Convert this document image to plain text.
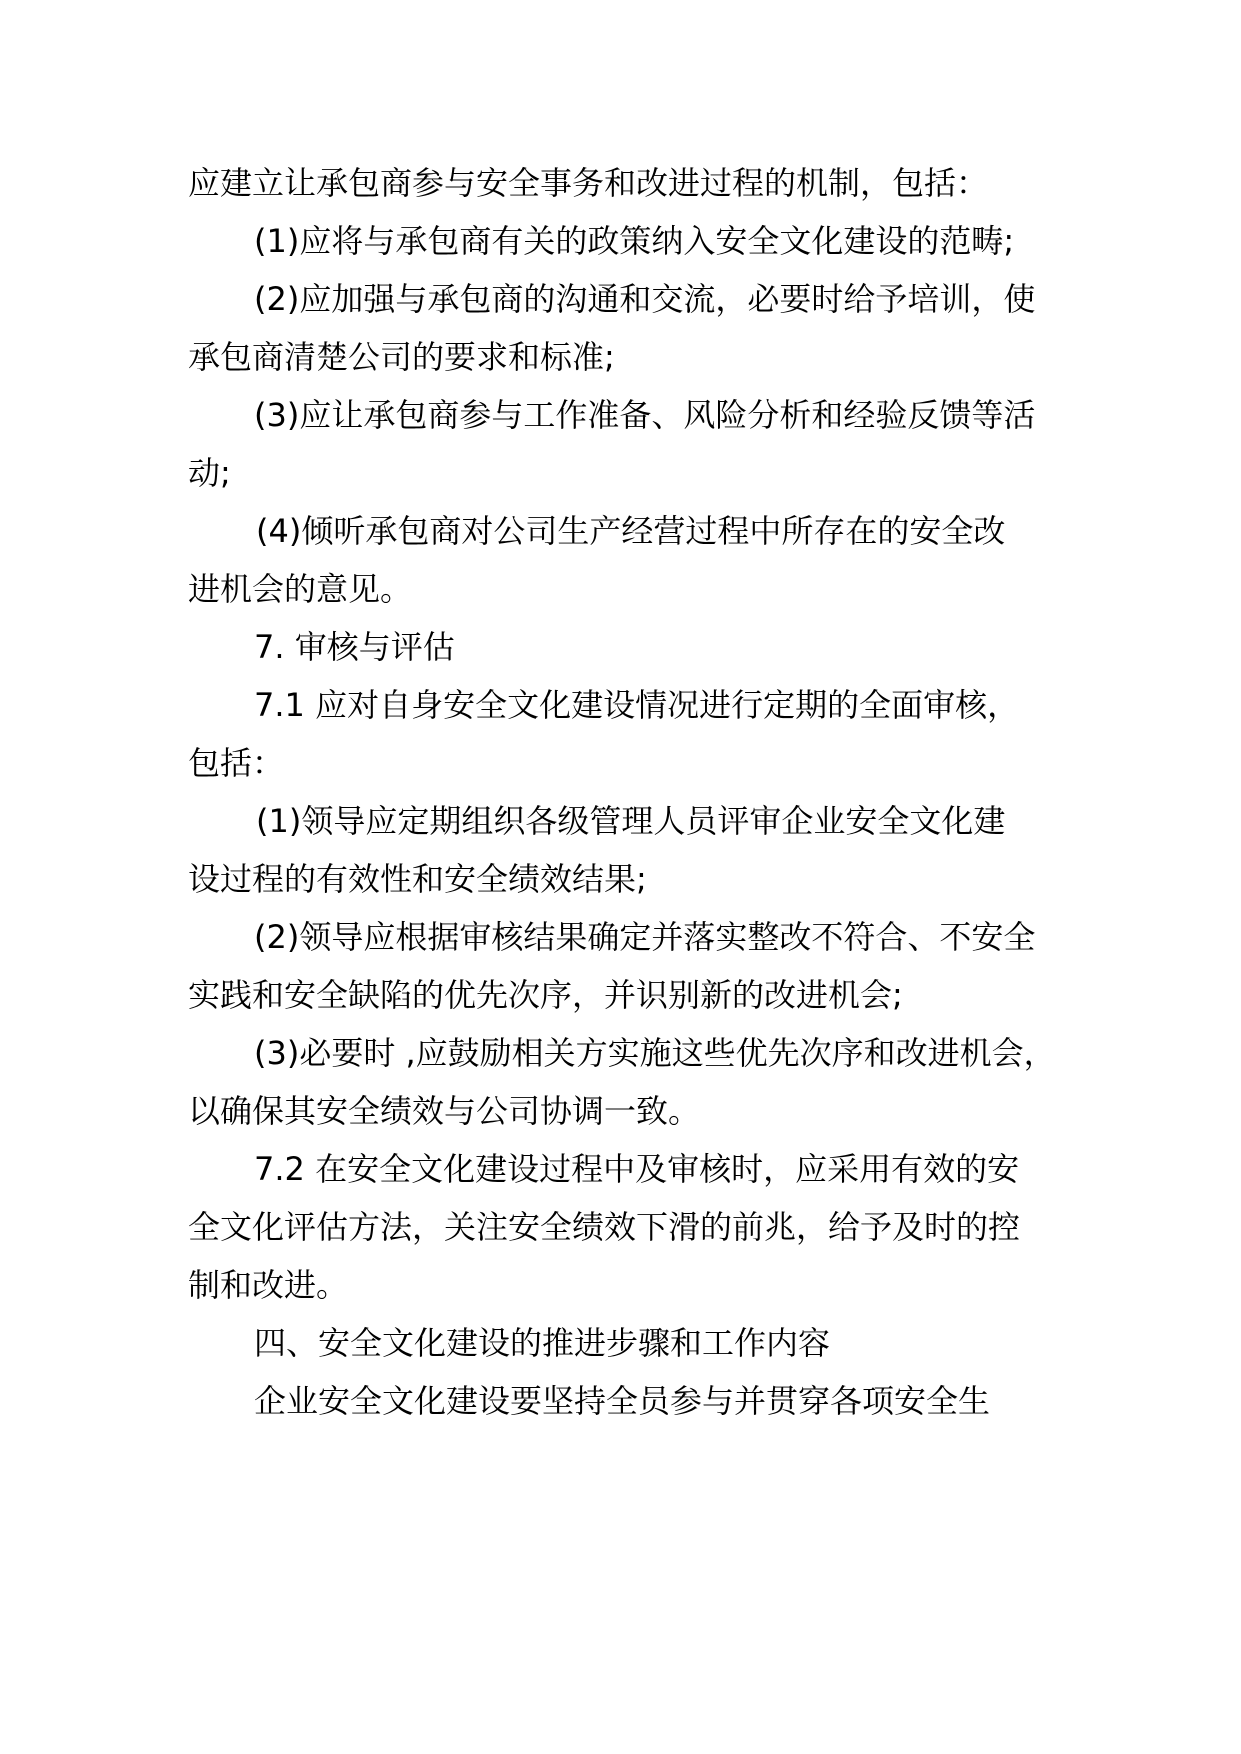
应建立让承包商参与安全事务和改进过程的机制，包括：
(1)应将与承包商有关的政策纳入安全文化建设的范畴;
(2)应加强与承包商的沟通和交流，必要时给予培训，使
承包商清楚公司的要求和标准;
(3)应让承包商参与工作准备、风险分析和经验反馈等活
动;
(4)倾听承包商对公司生产经营过程中所存在的安全改
进机会的意见。
7. 审核与评估
7.1 应对自身安全文化建设情况进行定期的全面审核，
包括：
(1)领导应定期组织各级管理人员评审企业安全文化建
设过程的有效性和安全绩效结果;
(2)领导应根据审核结果确定并落实整改不符合、不安全
实践和安全缺陷的优先次序，并识别新的改进机会;
(3)必要时 ,应鼓励相关方实施这些优先次序和改进机会，
以确保其安全绩效与公司协调一致。
7.2 在安全文化建设过程中及审核时，应采用有效的安
全文化评估方法，关注安全绩效下滑的前兆，给予及时的控
制和改进。
四、安全文化建设的推进步骤和工作内容
企业安全文化建设要坚持全员参与并贯穿各项安全生
